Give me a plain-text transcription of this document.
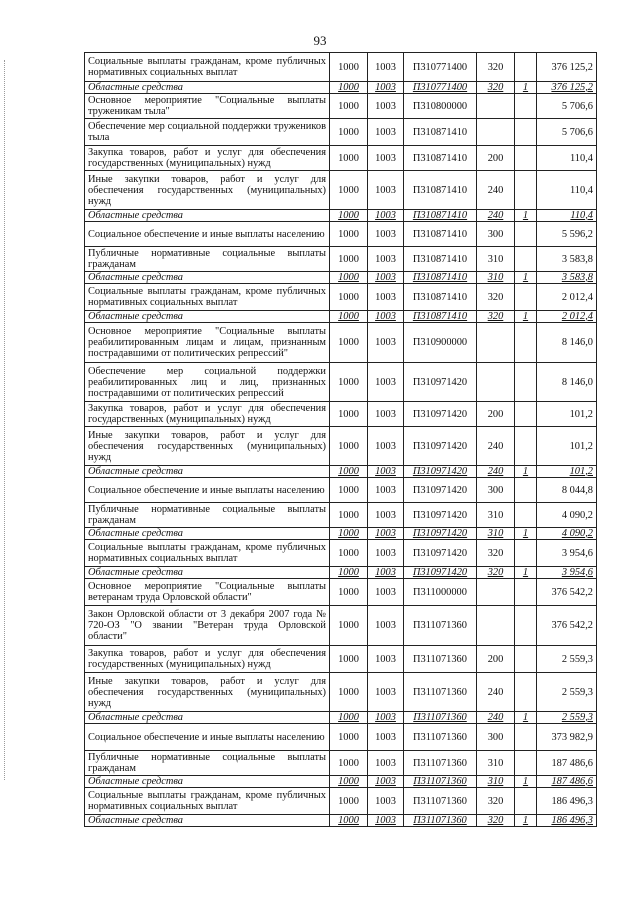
93
Социальные выплаты гражданам, кроме публичных нормативных социальных выплат	1000	1003	П310771400	320		376 125,2
Областные средства	1000	1003	П310771400	320	1	376 125,2
Основное мероприятие "Социальные выплаты труженикам тыла"	1000	1003	П310800000			5 706,6
Обеспечение мер социальной поддержки тружеников тыла	1000	1003	П310871410			5 706,6
Закупка товаров, работ и услуг для обеспечения государственных (муниципальных) нужд	1000	1003	П310871410	200		110,4
Иные закупки товаров, работ и услуг для обеспечения государственных (муниципальных) нужд	1000	1003	П310871410	240		110,4
Областные средства	1000	1003	П310871410	240	1	110,4
Социальное обеспечение и иные выплаты населению	1000	1003	П310871410	300		5 596,2
Публичные нормативные социальные выплаты гражданам	1000	1003	П310871410	310		3 583,8
Областные средства	1000	1003	П310871410	310	1	3 583,8
Социальные выплаты гражданам, кроме публичных нормативных социальных выплат	1000	1003	П310871410	320		2 012,4
Областные средства	1000	1003	П310871410	320	1	2 012,4
Основное мероприятие "Социальные выплаты реабилитированным лицам и лицам, признанным пострадавшими от политических репрессий"	1000	1003	П310900000			8 146,0
Обеспечение мер социальной поддержки реабилитированных лиц и лиц, признанных пострадавшими от политических репрессий	1000	1003	П310971420			8 146,0
Закупка товаров, работ и услуг для обеспечения государственных (муниципальных) нужд	1000	1003	П310971420	200		101,2
Иные закупки товаров, работ и услуг для обеспечения государственных (муниципальных) нужд	1000	1003	П310971420	240		101,2
Областные средства	1000	1003	П310971420	240	1	101,2
Социальное обеспечение и иные выплаты населению	1000	1003	П310971420	300		8 044,8
Публичные нормативные социальные выплаты гражданам	1000	1003	П310971420	310		4 090,2
Областные средства	1000	1003	П310971420	310	1	4 090,2
Социальные выплаты гражданам, кроме публичных нормативных социальных выплат	1000	1003	П310971420	320		3 954,6
Областные средства	1000	1003	П310971420	320	1	3 954,6
Основное мероприятие "Социальные выплаты ветеранам труда Орловской области"	1000	1003	П311000000			376 542,2
Закон Орловской области от 3 декабря 2007 года № 720-ОЗ "О звании "Ветеран труда Орловской области"	1000	1003	П311071360			376 542,2
Закупка товаров, работ и услуг для обеспечения государственных (муниципальных) нужд	1000	1003	П311071360	200		2 559,3
Иные закупки товаров, работ и услуг для обеспечения государственных (муниципальных) нужд	1000	1003	П311071360	240		2 559,3
Областные средства	1000	1003	П311071360	240	1	2 559,3
Социальное обеспечение и иные выплаты населению	1000	1003	П311071360	300		373 982,9
Публичные нормативные социальные выплаты гражданам	1000	1003	П311071360	310		187 486,6
Областные средства	1000	1003	П311071360	310	1	187 486,6
Социальные выплаты гражданам, кроме публичных нормативных социальных выплат	1000	1003	П311071360	320		186 496,3
Областные средства	1000	1003	П311071360	320	1	186 496,3
